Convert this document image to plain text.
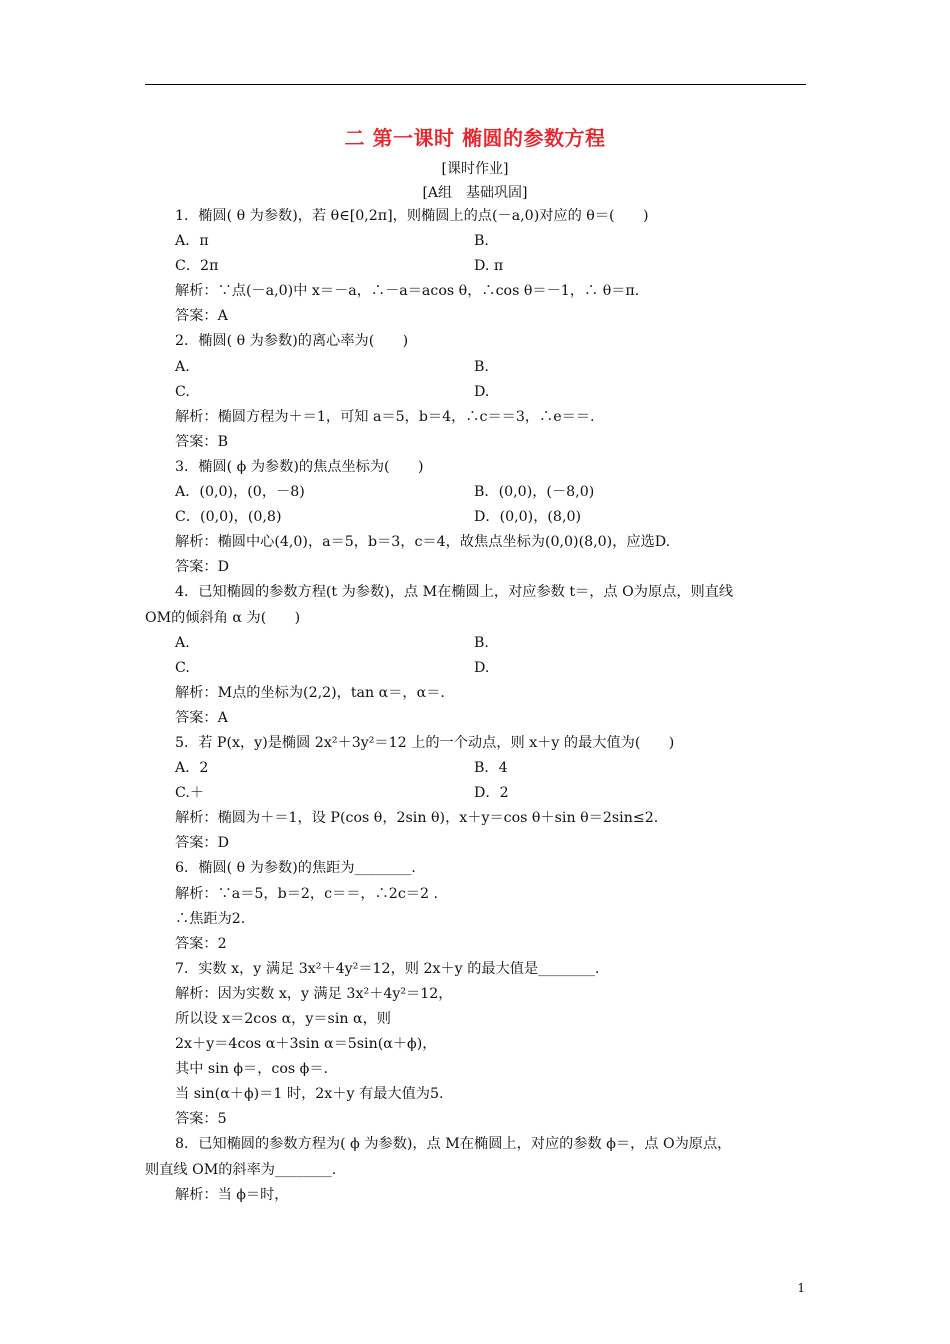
二 第一课时 椭圆的参数方程
[课时作业]
[A组　基础巩固]
1．椭圆( θ 为参数)，若 θ∈[0,2π]，则椭圆上的点(－a,0)对应的 θ＝(　　)
A．π	B.
C．2π	D. π
解析：∵点(－a,0)中 x＝－a，∴－a＝acos θ，∴cos θ＝－1，∴ θ＝π.
答案：A
2．椭圆( θ 为参数)的离心率为(　　)
A.	B.
C.	D.
解析：椭圆方程为＋＝1，可知 a＝5，b＝4，∴c＝＝3，∴e＝＝.
答案：B
3．椭圆( ϕ 为参数)的焦点坐标为(　　)
A．(0,0)，(0，－8)	B．(0,0)，(－8,0)
C．(0,0)，(0,8)	D．(0,0)，(8,0)
解析：椭圆中心(4,0)，a＝5，b＝3，c＝4，故焦点坐标为(0,0)(8,0)，应选D.
答案：D
4．已知椭圆的参数方程(t 为参数)，点 M在椭圆上，对应参数 t＝，点 O为原点，则直线
OM的倾斜角 α 为(　　)
A.	B.
C.	D.
解析：M点的坐标为(2,2)，tan α＝，α＝.
答案：A
5．若 P(x，y)是椭圆 2x²＋3y²＝12 上的一个动点，则 x＋y 的最大值为(　　)
A．2	B．4
C.＋	D．2
解析：椭圆为＋＝1，设 P(cos θ，2sin θ)，x＋y＝cos θ＋sin θ＝2sin≤2.
答案：D
6．椭圆( θ 为参数)的焦距为________.
解析：∵a＝5，b＝2，c＝＝，∴2c＝2 .
∴焦距为2.
答案：2
7．实数 x，y 满足 3x²＋4y²＝12，则 2x＋y 的最大值是________.
解析：因为实数 x，y 满足 3x²＋4y²＝12，
所以设 x＝2cos α，y＝sin α，则
2x＋y＝4cos α＋3sin α＝5sin(α＋ϕ)，
其中 sin ϕ＝，cos ϕ＝.
当 sin(α＋ϕ)＝1 时，2x＋y 有最大值为5.
答案：5
8．已知椭圆的参数方程为( ϕ 为参数)，点 M在椭圆上，对应的参数 ϕ＝，点 O为原点，
则直线 OM的斜率为________.
解析：当 ϕ＝时，
1
